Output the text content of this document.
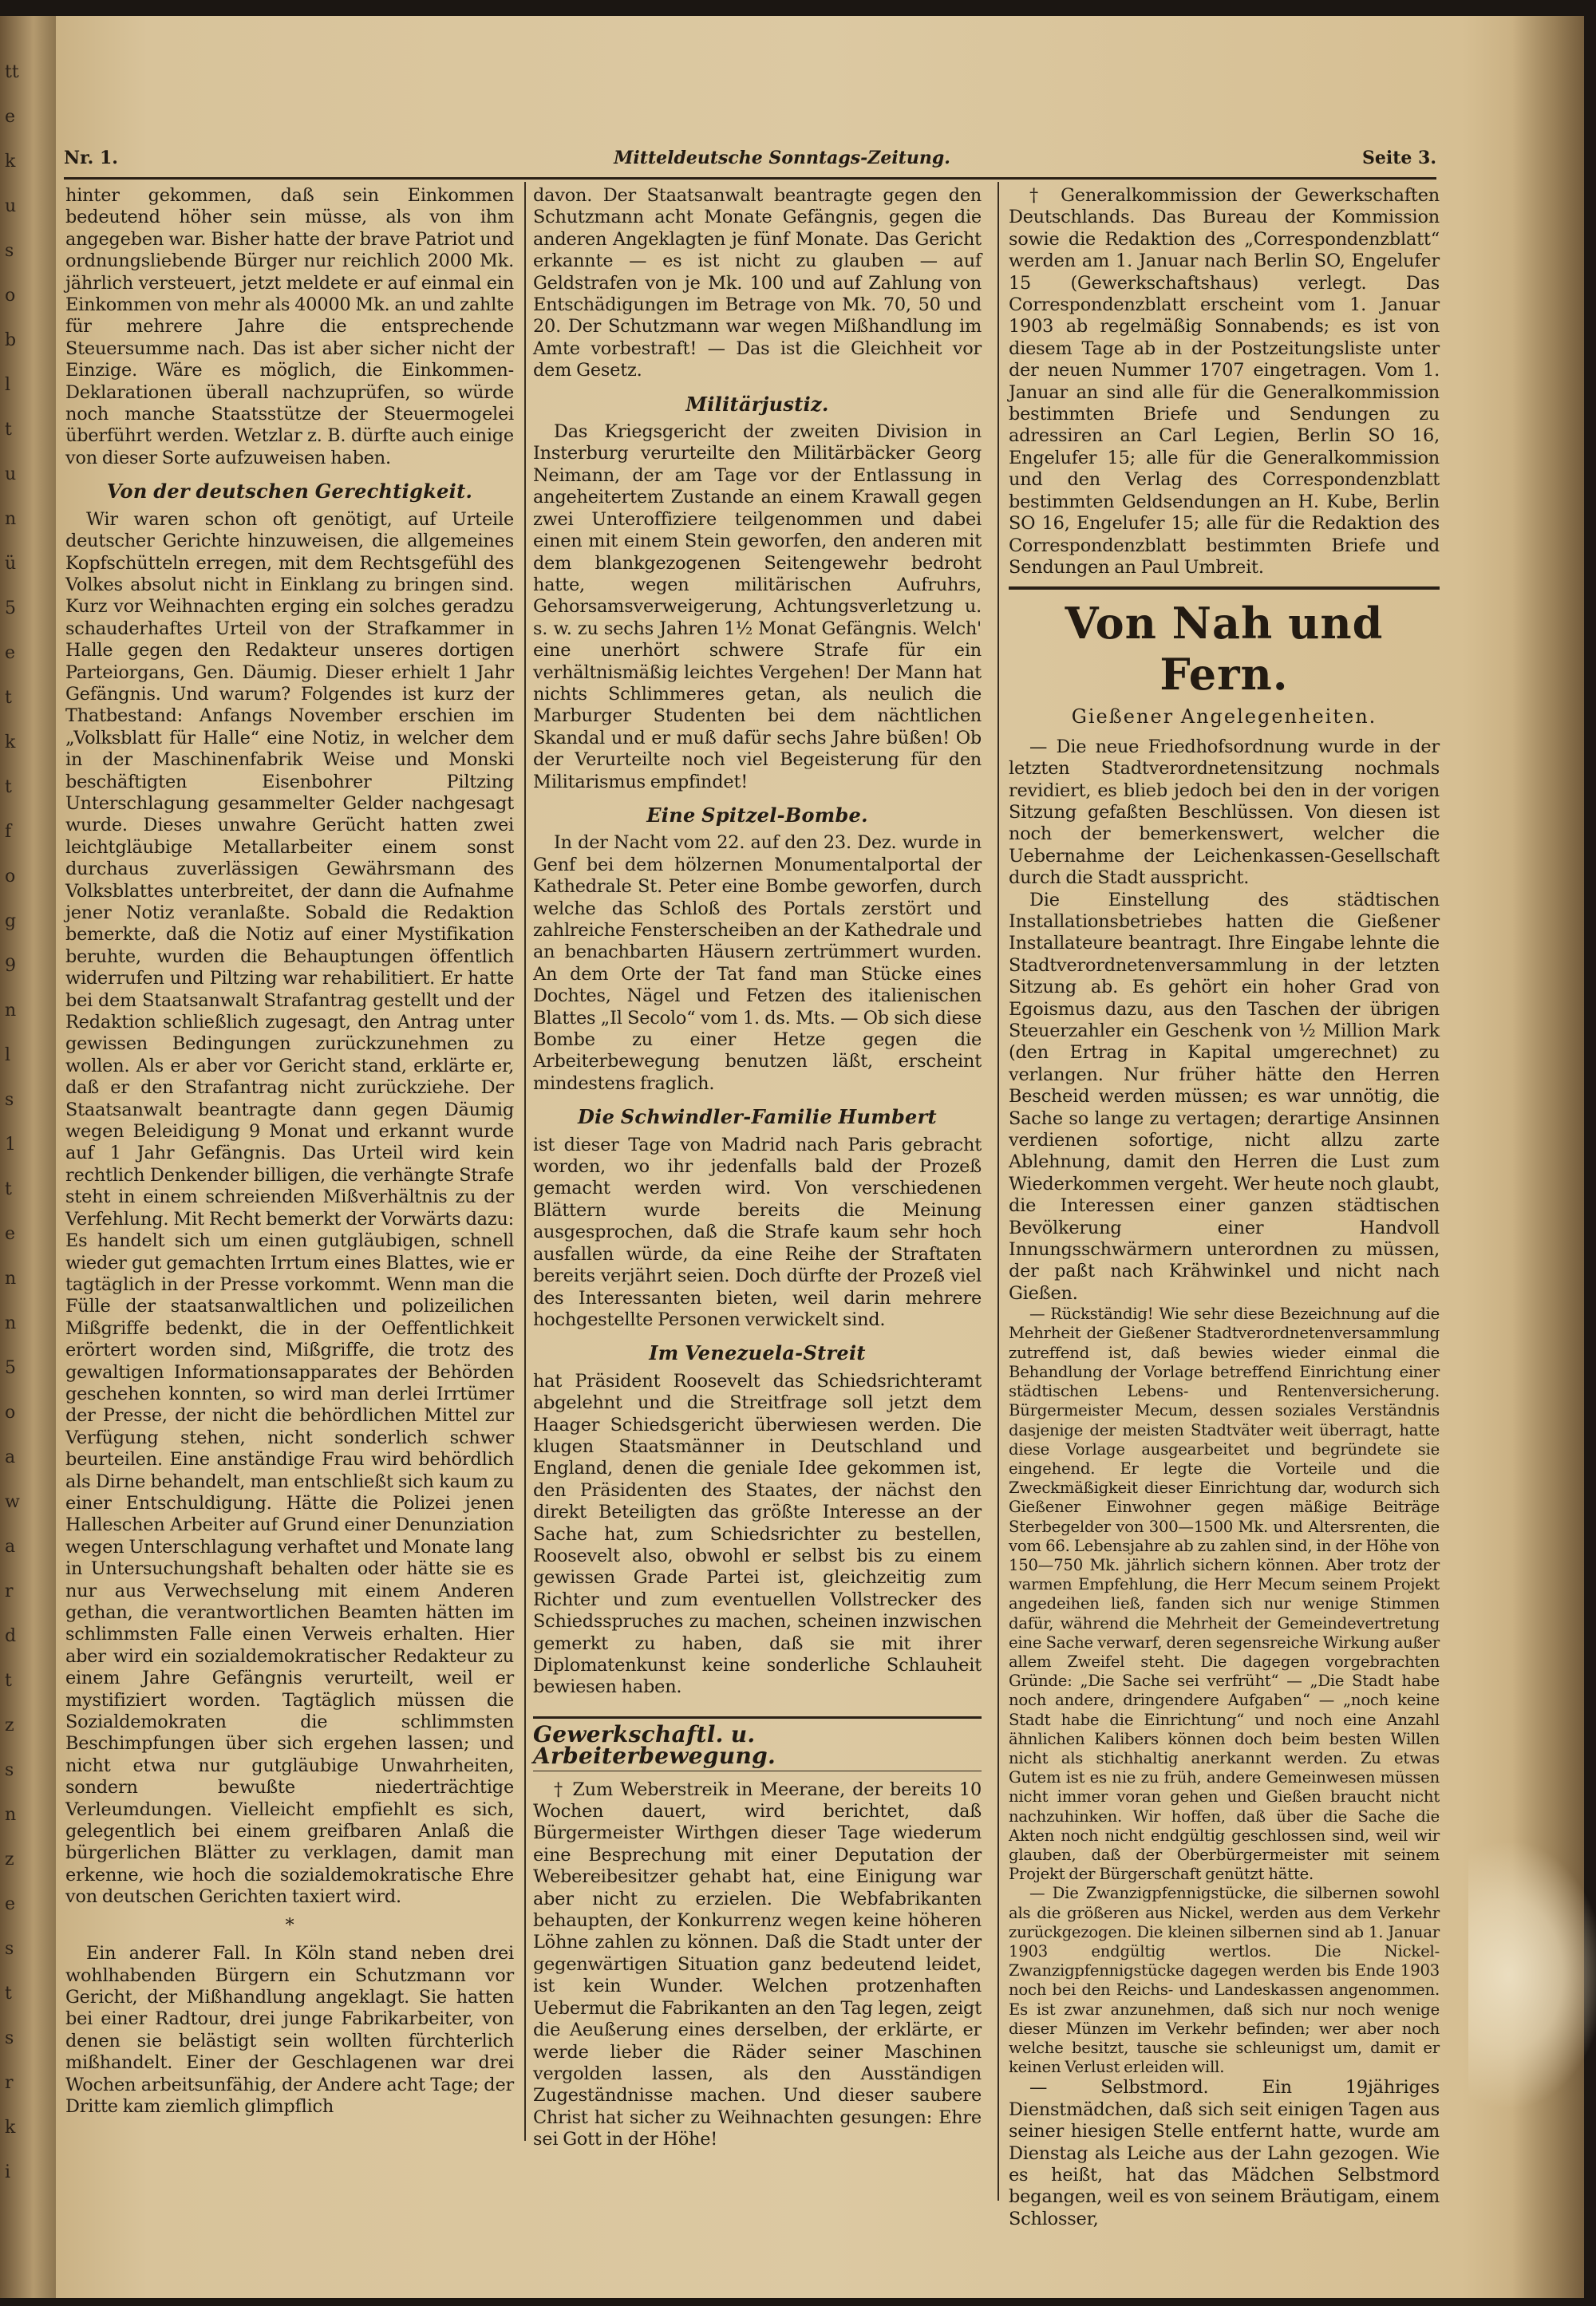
tt
e
k
u
s
o
b
l
t
u
n
ü
5
e
t
k
t
f
o
g
9
n
l
s
1
t
e
n
n
5
o
a
w
a
r
d
t
z
s
n
z
e
s
t
s
r
k
i
Nr. 1.	Mitteldeutsche Sonntags-Zeitung.	Seite 3.

hinter gekommen, daß sein Einkommen bedeutend höher sein müsse, als von ihm angegeben war. Bisher hatte der brave Patriot und ordnungsliebende Bürger nur reichlich 2000 Mk. jährlich versteuert, jetzt meldete er auf einmal ein Einkommen von mehr als 40000 Mk. an und zahlte für mehrere Jahre die entsprechende Steuersumme nach. Das ist aber sicher nicht der Einzige. Wäre es möglich, die Einkommen-Deklarationen überall nachzuprüfen, so würde noch manche Staatsstütze der Steuermogelei überführt werden. Wetzlar z. B. dürfte auch einige von dieser Sorte aufzuweisen haben.

Von der deutschen Gerechtigkeit.

Wir waren schon oft genötigt, auf Urteile deutscher Gerichte hinzuweisen, die allgemeines Kopfschütteln erregen, mit dem Rechtsgefühl des Volkes absolut nicht in Einklang zu bringen sind. Kurz vor Weihnachten erging ein solches geradzu schauderhaftes Urteil von der Strafkammer in Halle gegen den Redakteur unseres dortigen Parteiorgans, Gen. Däumig. Dieser erhielt 1 Jahr Gefängnis. Und warum? Folgendes ist kurz der Thatbestand: Anfangs November erschien im „Volksblatt für Halle“ eine Notiz, in welcher dem in der Maschinenfabrik Weise und Monski beschäftigten Eisenbohrer Piltzing Unterschlagung gesammelter Gelder nachgesagt wurde. Dieses unwahre Gerücht hatten zwei leichtgläubige Metallarbeiter einem sonst durchaus zuverlässigen Gewährsmann des Volksblattes unterbreitet, der dann die Aufnahme jener Notiz veranlaßte. Sobald die Redaktion bemerkte, daß die Notiz auf einer Mystifikation beruhte, wurden die Behauptungen öffentlich widerrufen und Piltzing war rehabilitiert. Er hatte bei dem Staatsanwalt Strafantrag gestellt und der Redaktion schließlich zugesagt, den Antrag unter gewissen Bedingungen zurückzunehmen zu wollen. Als er aber vor Gericht stand, erklärte er, daß er den Strafantrag nicht zurückziehe. Der Staatsanwalt beantragte dann gegen Däumig wegen Beleidigung 9 Monat und erkannt wurde auf 1 Jahr Gefängnis. Das Urteil wird kein rechtlich Denkender billigen, die verhängte Strafe steht in einem schreienden Mißverhältnis zu der Verfehlung. Mit Recht bemerkt der Vorwärts dazu: Es handelt sich um einen gutgläubigen, schnell wieder gut gemachten Irrtum eines Blattes, wie er tagtäglich in der Presse vorkommt. Wenn man die Fülle der staatsanwaltlichen und polizeilichen Mißgriffe bedenkt, die in der Oeffentlichkeit erörtert worden sind, Mißgriffe, die trotz des gewaltigen Informationsapparates der Behörden geschehen konnten, so wird man derlei Irrtümer der Presse, der nicht die behördlichen Mittel zur Verfügung stehen, nicht sonderlich schwer beurteilen. Eine anständige Frau wird behördlich als Dirne behandelt, man entschließt sich kaum zu einer Entschuldigung. Hätte die Polizei jenen Halleschen Arbeiter auf Grund einer Denunziation wegen Unterschlagung verhaftet und Monate lang in Untersuchungshaft behalten oder hätte sie es nur aus Verwechselung mit einem Anderen gethan, die verantwortlichen Beamten hätten im schlimmsten Falle einen Verweis erhalten. Hier aber wird ein sozialdemokratischer Redakteur zu einem Jahre Gefängnis verurteilt, weil er mystifiziert worden. Tagtäglich müssen die Sozialdemokraten die schlimmsten Beschimpfungen über sich ergehen lassen; und nicht etwa nur gutgläubige Unwahrheiten, sondern bewußte niederträchtige Verleumdungen. Vielleicht empfiehlt es sich, gelegentlich bei einem greifbaren Anlaß die bürgerlichen Blätter zu verklagen, damit man erkenne, wie hoch die sozialdemokratische Ehre von deutschen Gerichten taxiert wird.

*

Ein anderer Fall. In Köln stand neben drei wohlhabenden Bürgern ein Schutzmann vor Gericht, der Mißhandlung angeklagt. Sie hatten bei einer Radtour, drei junge Fabrikarbeiter, von denen sie belästigt sein wollten fürchterlich mißhandelt. Einer der Geschlagenen war drei Wochen arbeitsunfähig, der Andere acht Tage; der Dritte kam ziemlich glimpflich

davon. Der Staatsanwalt beantragte gegen den Schutzmann acht Monate Gefängnis, gegen die anderen Angeklagten je fünf Monate. Das Gericht erkannte — es ist nicht zu glauben — auf Geldstrafen von je Mk. 100 und auf Zahlung von Entschädigungen im Betrage von Mk. 70, 50 und 20. Der Schutzmann war wegen Mißhandlung im Amte vorbestraft! — Das ist die Gleichheit vor dem Gesetz.

Militärjustiz.

Das Kriegsgericht der zweiten Division in Insterburg verurteilte den Militärbäcker Georg Neimann, der am Tage vor der Entlassung in angeheitertem Zustande an einem Krawall gegen zwei Unteroffiziere teilgenommen und dabei einen mit einem Stein geworfen, den anderen mit dem blankgezogenen Seitengewehr bedroht hatte, wegen militärischen Aufruhrs, Gehorsamsverweigerung, Achtungsverletzung u. s. w. zu sechs Jahren 1½ Monat Gefängnis. Welch' eine unerhört schwere Strafe für ein verhältnismäßig leichtes Vergehen! Der Mann hat nichts Schlimmeres getan, als neulich die Marburger Studenten bei dem nächtlichen Skandal und er muß dafür sechs Jahre büßen! Ob der Verurteilte noch viel Begeisterung für den Militarismus empfindet!

Eine Spitzel-Bombe.

In der Nacht vom 22. auf den 23. Dez. wurde in Genf bei dem hölzernen Monumentalportal der Kathedrale St. Peter eine Bombe geworfen, durch welche das Schloß des Portals zerstört und zahlreiche Fensterscheiben an der Kathedrale und an benachbarten Häusern zertrümmert wurden. An dem Orte der Tat fand man Stücke eines Dochtes, Nägel und Fetzen des italienischen Blattes „Il Secolo“ vom 1. ds. Mts. — Ob sich diese Bombe zu einer Hetze gegen die Arbeiterbewegung benutzen läßt, erscheint mindestens fraglich.

Die Schwindler-Familie Humbert

ist dieser Tage von Madrid nach Paris gebracht worden, wo ihr jedenfalls bald der Prozeß gemacht werden wird. Von verschiedenen Blättern wurde bereits die Meinung ausgesprochen, daß die Strafe kaum sehr hoch ausfallen würde, da eine Reihe der Straftaten bereits verjährt seien. Doch dürfte der Prozeß viel des Interessanten bieten, weil darin mehrere hochgestellte Personen verwickelt sind.

Im Venezuela-Streit

hat Präsident Roosevelt das Schiedsrichteramt abgelehnt und die Streitfrage soll jetzt dem Haager Schiedsgericht überwiesen werden. Die klugen Staatsmänner in Deutschland und England, denen die geniale Idee gekommen ist, den Präsidenten des Staates, der nächst den direkt Beteiligten das größte Interesse an der Sache hat, zum Schiedsrichter zu bestellen, Roosevelt also, obwohl er selbst bis zu einem gewissen Grade Partei ist, gleichzeitig zum Richter und zum eventuellen Vollstrecker des Schiedsspruches zu machen, scheinen inzwischen gemerkt zu haben, daß sie mit ihrer Diplomatenkunst keine sonderliche Schlauheit bewiesen haben.

Gewerkschaftl. u. Arbeiterbewegung.

† Zum Weberstreik in Meerane, der bereits 10 Wochen dauert, wird berichtet, daß Bürgermeister Wirthgen dieser Tage wiederum eine Besprechung mit einer Deputation der Webereibesitzer gehabt hat, eine Einigung war aber nicht zu erzielen. Die Webfabrikanten behaupten, der Konkurrenz wegen keine höheren Löhne zahlen zu können. Daß die Stadt unter der gegenwärtigen Situation ganz bedeutend leidet, ist kein Wunder. Welchen protzenhaften Uebermut die Fabrikanten an den Tag legen, zeigt die Aeußerung eines derselben, der erklärte, er werde lieber die Räder seiner Maschinen vergolden lassen, als den Ausständigen Zugeständnisse machen. Und dieser saubere Christ hat sicher zu Weihnachten gesungen: Ehre sei Gott in der Höhe!

† Generalkommission der Gewerkschaften Deutschlands. Das Bureau der Kommission sowie die Redaktion des „Correspondenzblatt“ werden am 1. Januar nach Berlin SO, Engelufer 15 (Gewerkschaftshaus) verlegt. Das Correspondenzblatt erscheint vom 1. Januar 1903 ab regelmäßig Sonnabends; es ist von diesem Tage ab in der Postzeitungsliste unter der neuen Nummer 1707 eingetragen. Vom 1. Januar an sind alle für die Generalkommission bestimmten Briefe und Sendungen zu adressiren an Carl Legien, Berlin SO 16, Engelufer 15; alle für die Generalkommission und den Verlag des Correspondenzblatt bestimmten Geldsendungen an H. Kube, Berlin SO 16, Engelufer 15; alle für die Redaktion des Correspondenzblatt bestimmten Briefe und Sendungen an Paul Umbreit.

Von Nah und Fern.
Gießener Angelegenheiten.

— Die neue Friedhofsordnung wurde in der letzten Stadtverordnetensitzung nochmals revidiert, es blieb jedoch bei den in der vorigen Sitzung gefaßten Beschlüssen. Von diesen ist noch der bemerkenswert, welcher die Uebernahme der Leichenkassen-Gesellschaft durch die Stadt ausspricht.

Die Einstellung des städtischen Installationsbetriebes hatten die Gießener Installateure beantragt. Ihre Eingabe lehnte die Stadtverordnetenversammlung in der letzten Sitzung ab. Es gehört ein hoher Grad von Egoismus dazu, aus den Taschen der übrigen Steuerzahler ein Geschenk von ½ Million Mark (den Ertrag in Kapital umgerechnet) zu verlangen. Nur früher hätte den Herren Bescheid werden müssen; es war unnötig, die Sache so lange zu vertagen; derartige Ansinnen verdienen sofortige, nicht allzu zarte Ablehnung, damit den Herren die Lust zum Wiederkommen vergeht. Wer heute noch glaubt, die Interessen einer ganzen städtischen Bevölkerung einer Handvoll Innungsschwärmern unterordnen zu müssen, der paßt nach Krähwinkel und nicht nach Gießen.

— Rückständig! Wie sehr diese Bezeichnung auf die Mehrheit der Gießener Stadtverordnetenversammlung zutreffend ist, daß bewies wieder einmal die Behandlung der Vorlage betreffend Einrichtung einer städtischen Lebens- und Rentenversicherung. Bürgermeister Mecum, dessen soziales Verständnis dasjenige der meisten Stadtväter weit überragt, hatte diese Vorlage ausgearbeitet und begründete sie eingehend. Er legte die Vorteile und die Zweckmäßigkeit dieser Einrichtung dar, wodurch sich Gießener Einwohner gegen mäßige Beiträge Sterbegelder von 300—1500 Mk. und Altersrenten, die vom 66. Lebensjahre ab zu zahlen sind, in der Höhe von 150—750 Mk. jährlich sichern können. Aber trotz der warmen Empfehlung, die Herr Mecum seinem Projekt angedeihen ließ, fanden sich nur wenige Stimmen dafür, während die Mehrheit der Gemeindevertretung eine Sache verwarf, deren segensreiche Wirkung außer allem Zweifel steht. Die dagegen vorgebrachten Gründe: „Die Sache sei verfrüht“ — „Die Stadt habe noch andere, dringendere Aufgaben“ — „noch keine Stadt habe die Einrichtung“ und noch eine Anzahl ähnlichen Kalibers können doch beim besten Willen nicht als stichhaltig anerkannt werden. Zu etwas Gutem ist es nie zu früh, andere Gemeinwesen müssen nicht immer voran gehen und Gießen braucht nicht nachzuhinken. Wir hoffen, daß über die Sache die Akten noch nicht endgültig geschlossen sind, weil wir glauben, daß der Oberbürgermeister mit seinem Projekt der Bürgerschaft genützt hätte.

— Die Zwanzigpfennigstücke, die silbernen sowohl als die größeren aus Nickel, werden aus dem Verkehr zurückgezogen. Die kleinen silbernen sind ab 1. Januar 1903 endgültig wertlos. Die Nickel-Zwanzigpfennigstücke dagegen werden bis Ende 1903 noch bei den Reichs- und Landeskassen angenommen. Es ist zwar anzunehmen, daß sich nur noch wenige dieser Münzen im Verkehr befinden; wer aber noch welche besitzt, tausche sie schleunigst um, damit er keinen Verlust erleiden will.

— Selbstmord. Ein 19jähriges Dienstmädchen, daß sich seit einigen Tagen aus seiner hiesigen Stelle entfernt hatte, wurde am Dienstag als Leiche aus der Lahn gezogen. Wie es heißt, hat das Mädchen Selbstmord begangen, weil es von seinem Bräutigam, einem Schlosser,
